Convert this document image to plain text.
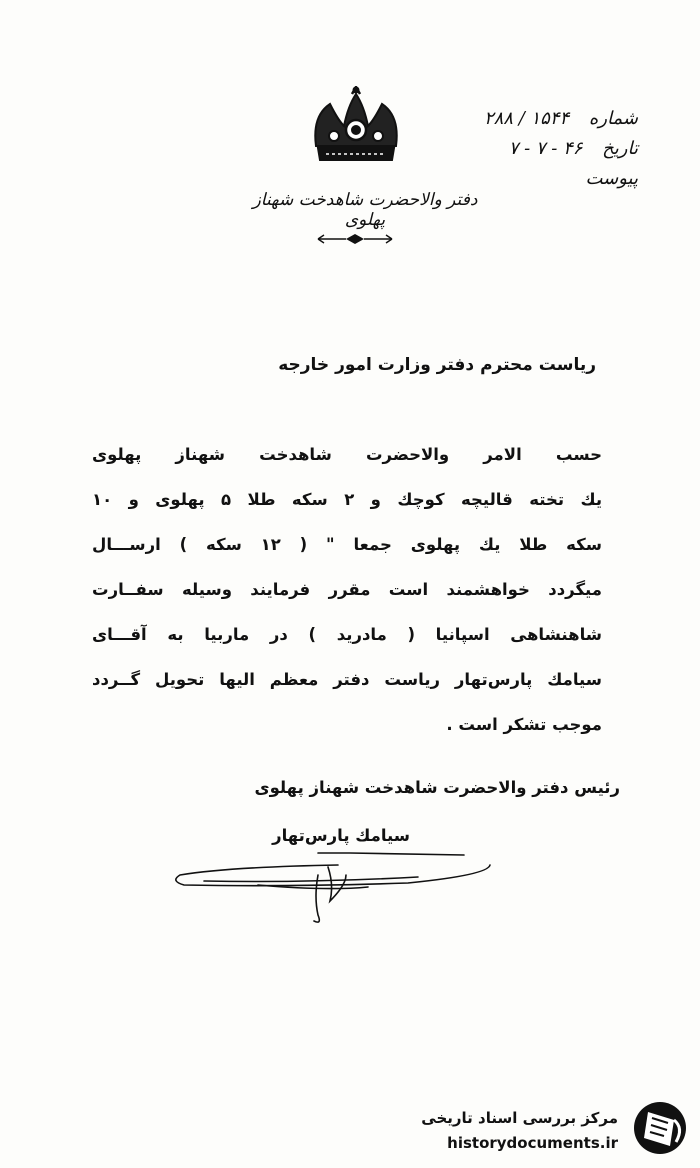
دفتر والاحضرت شاهدخت شهناز پهلوی
شماره ۱۵۴۴ / ۲۸۸
تاریخ ۴۶ - ۷ - ۷
پیوست
ریاست محترم دفتر وزارت امور خارجه
حسب الامر والاحضرت شاهدخت شهناز پهلوی
یك تخته قالیچه کوچك و ۲ سکه طلا ۵ پهلوی و ۱۰
سکه طلا یك پهلوی جمعا " ( ۱۲ سکه ) ارســـال
میگردد خواهشمند است مقرر فرمایند وسیله سفــارت
شاهنشاهی اسپانیا ( مادرید ) در ماربیا به آقـــای
سیامك پارس‌تهار ریاست دفتر معظم الیها تحویل گــردد
موجب تشکر است .
رئیس دفتر والاحضرت شاهدخت شهناز پهلوی
سیامك پارس‌تهار
مرکز بررسی اسناد تاریخی
historydocuments.ir
